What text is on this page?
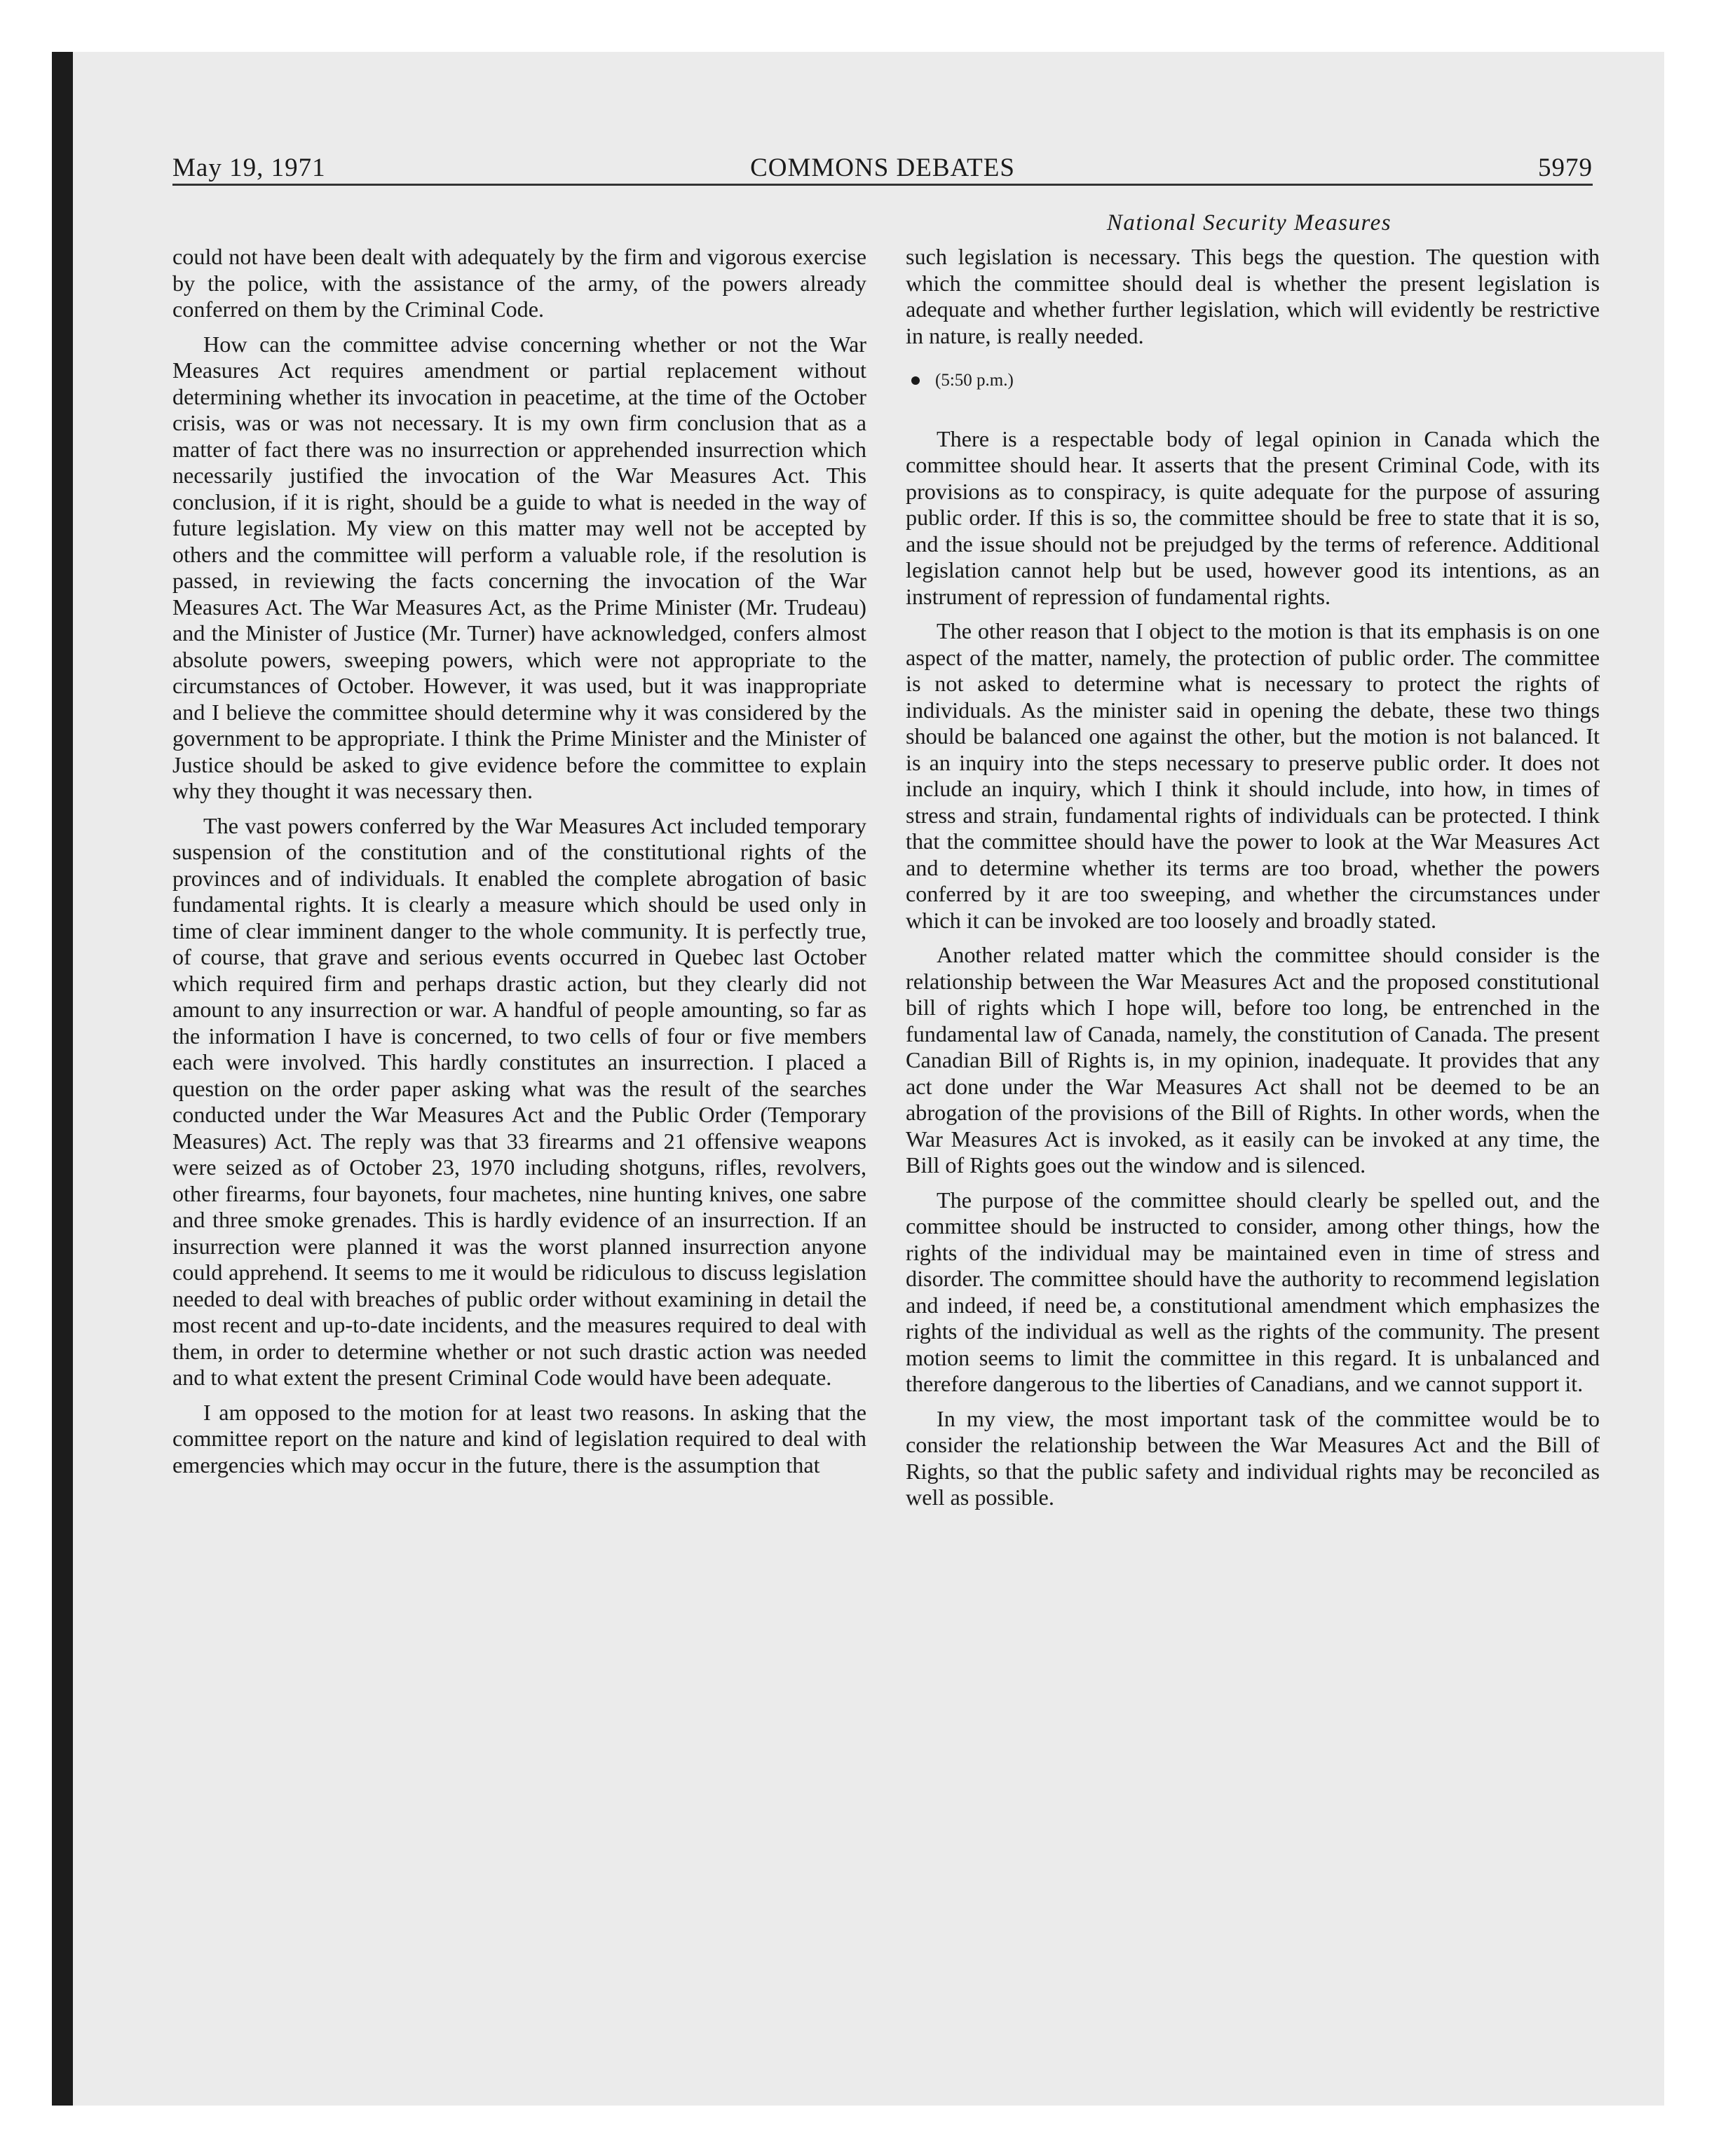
May 19, 1971	COMMONS DEBATES	5979
National Security Measures

could not have been dealt with adequately by the firm and vigorous exercise by the police, with the assistance of the army, of the powers already conferred on them by the Criminal Code.

How can the committee advise concerning whether or not the War Measures Act requires amendment or partial replacement without determining whether its invocation in peacetime, at the time of the October crisis, was or was not necessary. It is my own firm conclusion that as a matter of fact there was no insurrection or apprehended insurrection which necessarily justified the invocation of the War Measures Act. This conclusion, if it is right, should be a guide to what is needed in the way of future legislation. My view on this matter may well not be accepted by others and the committee will perform a valuable role, if the resolution is passed, in reviewing the facts concerning the invocation of the War Measures Act. The War Measures Act, as the Prime Minister (Mr. Trudeau) and the Minister of Justice (Mr. Turner) have acknowledged, confers almost absolute powers, sweeping powers, which were not appropriate to the circumstances of October. However, it was used, but it was inappropriate and I believe the committee should determine why it was considered by the government to be appropriate. I think the Prime Minister and the Minister of Justice should be asked to give evidence before the committee to explain why they thought it was necessary then.

The vast powers conferred by the War Measures Act included temporary suspension of the constitution and of the constitutional rights of the provinces and of individuals. It enabled the complete abrogation of basic fundamental rights. It is clearly a measure which should be used only in time of clear imminent danger to the whole community. It is perfectly true, of course, that grave and serious events occurred in Quebec last October which required firm and perhaps drastic action, but they clearly did not amount to any insurrection or war. A handful of people amounting, so far as the information I have is concerned, to two cells of four or five members each were involved. This hardly constitutes an insurrection. I placed a question on the order paper asking what was the result of the searches conducted under the War Measures Act and the Public Order (Temporary Measures) Act. The reply was that 33 firearms and 21 offensive weapons were seized as of October 23, 1970 including shotguns, rifles, revolvers, other firearms, four bayonets, four machetes, nine hunting knives, one sabre and three smoke grenades. This is hardly evidence of an insurrection. If an insurrection were planned it was the worst planned insurrection anyone could apprehend. It seems to me it would be ridiculous to discuss legislation needed to deal with breaches of public order without examining in detail the most recent and up-to-date incidents, and the measures required to deal with them, in order to determine whether or not such drastic action was needed and to what extent the present Criminal Code would have been adequate.

I am opposed to the motion for at least two reasons. In asking that the committee report on the nature and kind of legislation required to deal with emergencies which may occur in the future, there is the assumption that

such legislation is necessary. This begs the question. The question with which the committee should deal is whether the present legislation is adequate and whether further legislation, which will evidently be restrictive in nature, is really needed.

(5:50 p.m.)

There is a respectable body of legal opinion in Canada which the committee should hear. It asserts that the present Criminal Code, with its provisions as to conspiracy, is quite adequate for the purpose of assuring public order. If this is so, the committee should be free to state that it is so, and the issue should not be prejudged by the terms of reference. Additional legislation cannot help but be used, however good its intentions, as an instrument of repression of fundamental rights.

The other reason that I object to the motion is that its emphasis is on one aspect of the matter, namely, the protection of public order. The committee is not asked to determine what is necessary to protect the rights of individuals. As the minister said in opening the debate, these two things should be balanced one against the other, but the motion is not balanced. It is an inquiry into the steps necessary to preserve public order. It does not include an inquiry, which I think it should include, into how, in times of stress and strain, fundamental rights of individuals can be protected. I think that the committee should have the power to look at the War Measures Act and to determine whether its terms are too broad, whether the powers conferred by it are too sweeping, and whether the circumstances under which it can be invoked are too loosely and broadly stated.

Another related matter which the committee should consider is the relationship between the War Measures Act and the proposed constitutional bill of rights which I hope will, before too long, be entrenched in the fundamental law of Canada, namely, the constitution of Canada. The present Canadian Bill of Rights is, in my opinion, inadequate. It provides that any act done under the War Measures Act shall not be deemed to be an abrogation of the provisions of the Bill of Rights. In other words, when the War Measures Act is invoked, as it easily can be invoked at any time, the Bill of Rights goes out the window and is silenced.

The purpose of the committee should clearly be spelled out, and the committee should be instructed to consider, among other things, how the rights of the individual may be maintained even in time of stress and disorder. The committee should have the authority to recommend legislation and indeed, if need be, a constitutional amendment which emphasizes the rights of the individual as well as the rights of the community. The present motion seems to limit the committee in this regard. It is unbalanced and therefore dangerous to the liberties of Canadians, and we cannot support it.

In my view, the most important task of the committee would be to consider the relationship between the War Measures Act and the Bill of Rights, so that the public safety and individual rights may be reconciled as well as possible.
